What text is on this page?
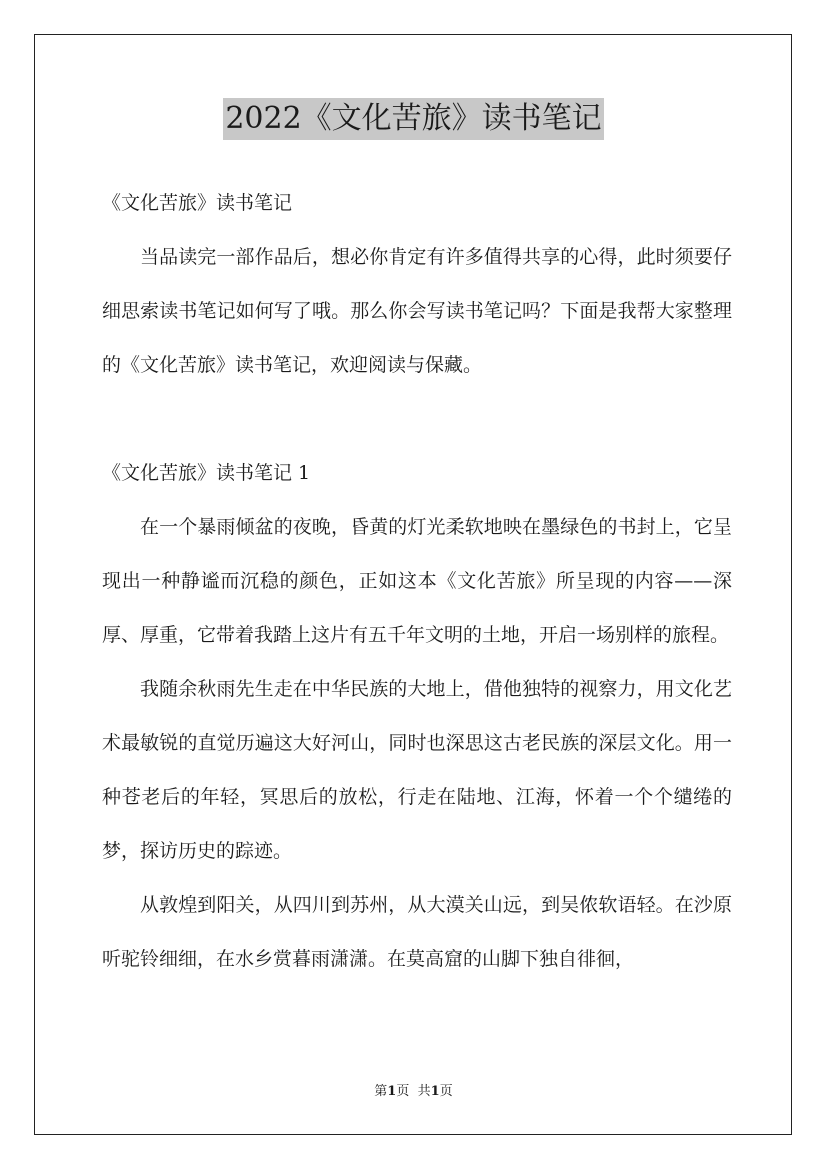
2022《文化苦旅》读书笔记

《文化苦旅》读书笔记

当品读完一部作品后，想必你肯定有许多值得共享的心得，此时须要仔细思索读书笔记如何写了哦。那么你会写读书笔记吗？下面是我帮大家整理的《文化苦旅》读书笔记，欢迎阅读与保藏。

《文化苦旅》读书笔记 1

在一个暴雨倾盆的夜晚，昏黄的灯光柔软地映在墨绿色的书封上，它呈现出一种静谧而沉稳的颜色，正如这本《文化苦旅》所呈现的内容——深厚、厚重，它带着我踏上这片有五千年文明的土地，开启一场别样的旅程。

我随余秋雨先生走在中华民族的大地上，借他独特的视察力，用文化艺术最敏锐的直觉历遍这大好河山，同时也深思这古老民族的深层文化。用一种苍老后的年轻，冥思后的放松，行走在陆地、江海，怀着一个个缱绻的梦，探访历史的踪迹。

从敦煌到阳关，从四川到苏州，从大漠关山远，到吴侬软语轻。在沙原听驼铃细细，在水乡赏暮雨潇潇。在莫高窟的山脚下独自徘徊，

第1页 共1页
